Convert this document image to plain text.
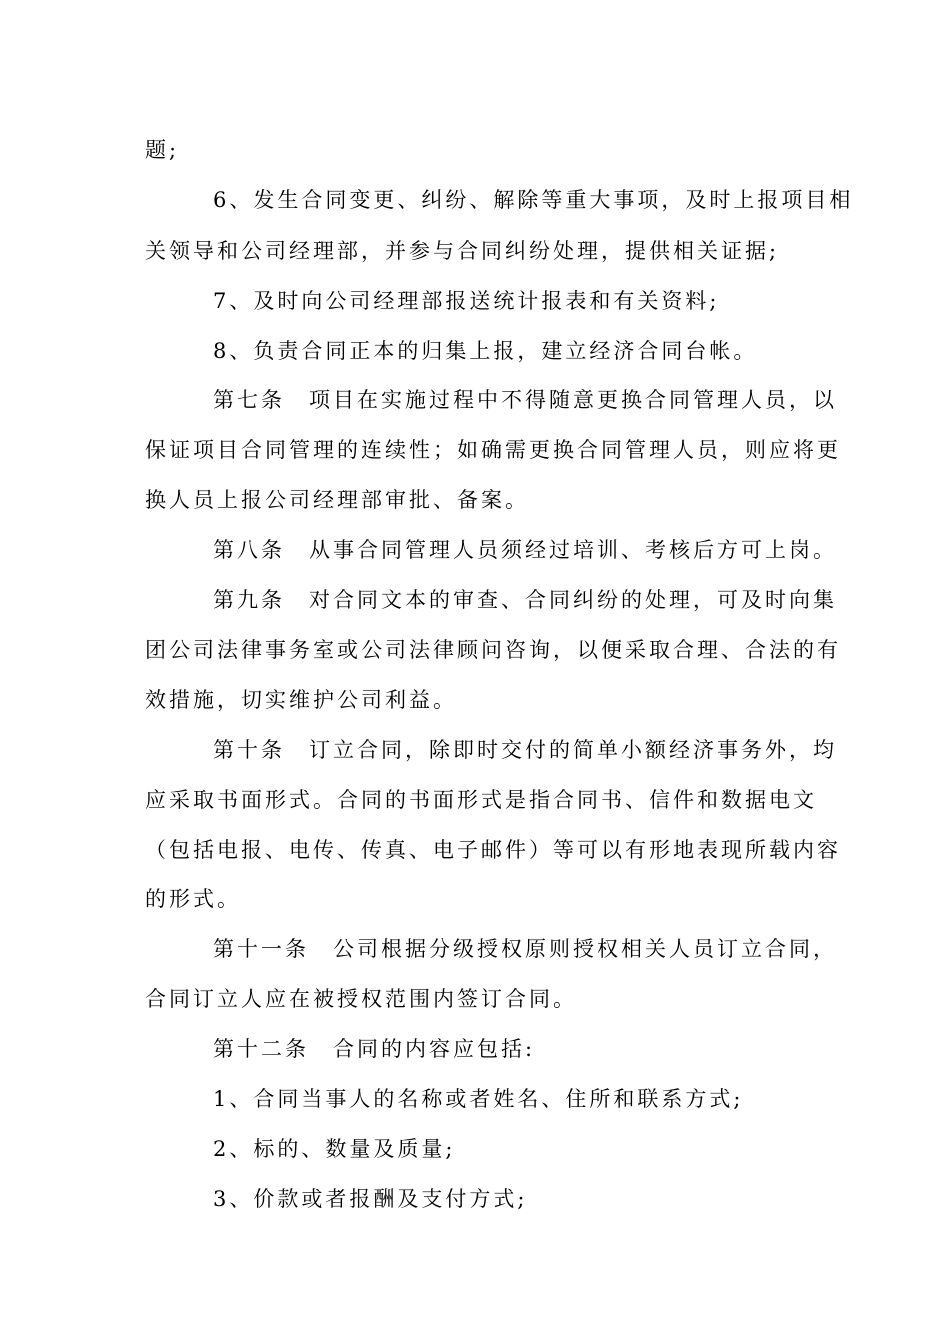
题;
6、发生合同变更、纠纷、解除等重大事项，及时上报项目相
关领导和公司经理部，并参与合同纠纷处理，提供相关证据;
7、及时向公司经理部报送统计报表和有关资料;
8、负责合同正本的归集上报，建立经济合同台帐。
第七条　项目在实施过程中不得随意更换合同管理人员，以
保证项目合同管理的连续性；如确需更换合同管理人员，则应将更
换人员上报公司经理部审批、备案。
第八条　从事合同管理人员须经过培训、考核后方可上岗。
第九条　对合同文本的审查、合同纠纷的处理，可及时向集
团公司法律事务室或公司法律顾问咨询，以便采取合理、合法的有
效措施，切实维护公司利益。
第十条　订立合同，除即时交付的简单小额经济事务外，均
应采取书面形式。合同的书面形式是指合同书、信件和数据电文
（包括电报、电传、传真、电子邮件）等可以有形地表现所载内容
的形式。
第十一条　公司根据分级授权原则授权相关人员订立合同，
合同订立人应在被授权范围内签订合同。
第十二条　合同的内容应包括:
1、合同当事人的名称或者姓名、住所和联系方式;
2、标的、数量及质量;
3、价款或者报酬及支付方式;
